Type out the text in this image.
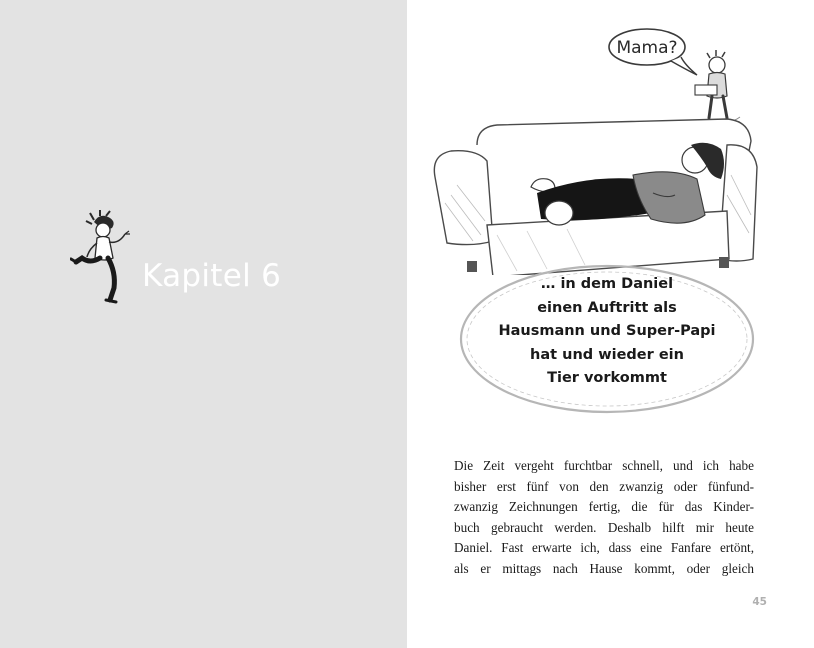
Kapitel 6
Mama?
… in dem Daniel
einen Auftritt als
Hausmann und Super-Papi
hat und wieder ein
Tier vorkommt
Die Zeit vergeht furchtbar schnell, und ich habe
bisher erst fünf von den zwanzig oder fünfund-
zwanzig Zeichnungen fertig, die für das Kinder-
buch gebraucht werden. Deshalb hilft mir heute
Daniel. Fast erwarte ich, dass eine Fanfare ertönt,
als er mittags nach Hause kommt, oder gleich
45
